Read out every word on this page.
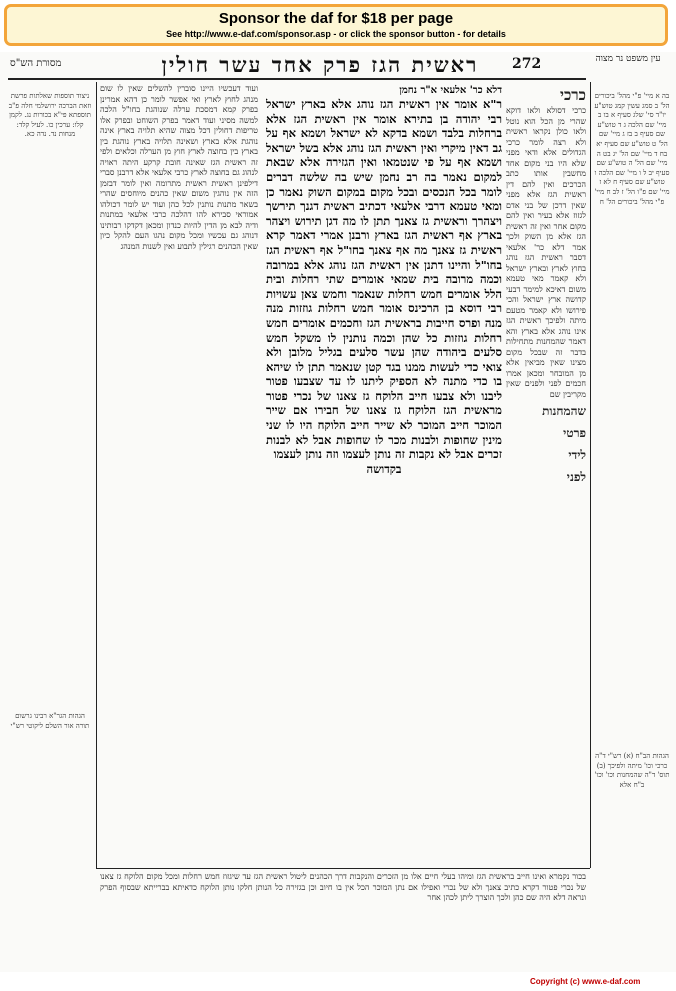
Sponsor the daf for $18 per page
See http://www.e-daf.com/sponsor.asp - or click the sponsor button - for details
מסורת הש"ס	ראשית הגז פרק אחד עשר חולין	272	עין משפט נר מצוה
ניצוד תוספות שאלתות פרשת וזאת הברכה ירושלמי חלה פ"ב תוספתא פי"א בכורות נג. לקמן קלו: ערכין כו. לעיל קלד: מנחות נד. נדה כא.
הגהות הגר"א רבינו גרשום תורה אור השלם ליקוטי רש"י
ועוד דעכשיו היינו סוברין להשלים שאין לו שום מנהג לחוץ לארץ ואי אפשר לומר כן דהא אמרינן בפרק קמא דמסכת ערלה שנוהגת בחו"ל הלכה למשה מסיני ועוד דאמר בפרק השוחט ובפרק אלו טריפות דחולין דכל מצוה שהיא תלויה בארץ אינה נוהגת אלא בארץ ושאינה תלויה בארץ נוהגת בין בארץ בין בחוצה לארץ חוץ מן הערלה וכלאים ולפי זה ראשית הגז שאינה חובת קרקע היתה ראויה לנהוג גם בחוצה לארץ כרבי אלעאי אלא דרבנן סברי דילפינן ראשית ראשית מתרומה ואין לומר דבזמן הזה אין נוהגין משום שאין כהנים מיוחסים שהרי בשאר מתנות נותנין לכל כהן ועוד יש לומר דכולהו אמוראי סבירא להו דהלכה כרבי אלעאי במתנות ודיה לבא מן הדין להיות כנדון ומכאן דקדקו רבותינו דנוהג גם עכשיו ומכל מקום נהגו העם להקל כיון שאין הכהנים רגילין לתבוע ואין לשנות המנהג
דלא כר' אלעאי א"ר נחמן
ר"א אומר אין ראשית הגז נוהג אלא בארץ ישראל רבי יהודה בן בתירא אומר אין ראשית הגז אלא ברחלות בלבד ושמא בדקא לא ישראל ושמא אף על גב דאין מיקרי ואין ראשית הגז נוהג אלא בשל ישראל ושמא אף על פי שנטמאו ואין הגזירה אלא שבאת למקום נאמר בה רב נחמן שיש בה שלשה דברים לומר בכל הנכסים ובכל מקום במקום השוק נאמר כן ומאי טעמא דרבי אלעאי דכתיב ראשית דגנך תירשך ויצהרך וראשית גז צאנך תתן לו מה דגן תירוש ויצהר בארץ אף ראשית הגז בארץ ורבנן אמרי דאמר קרא ראשית גז צאנך מה אף צאנך בחו"ל אף ראשית הגז בחו"ל והיינו דתנן אין ראשית הגז נוהג אלא במרובה וכמה מרובה בית שמאי אומרים שתי רחלות ובית הלל אומרים חמש רחלות שנאמר וחמש צאן עשויות רבי דוסא בן הרכינס אומר חמש רחלות גוזזות מנה מנה ופרס חייבות בראשית הגז וחכמים אומרים חמש רחלות גוזזות כל שהן וכמה נותנין לו משקל חמש סלעים ביהודה שהן עשר סלעים בגליל מלובן ולא צואי כדי לעשות ממנו בגד קטן שנאמר תתן לו שיהא בו כדי מתנה לא הספיק ליתנו לו עד שצבעו פטור ליבנו ולא צבעו חייב הלוקח גז צאנו של נכרי פטור מראשית הגז הלוקח גז צאנו של חבירו אם שייר המוכר חייב המוכר לא שייר חייב הלוקח היו לו שני מינין שחופות ולבנות מכר לו שחופות אבל לא לבנות זכרים אבל לא נקבות זה נותן לעצמו וזה נותן לעצמו
בקדושה
כרכי
כרכי דסולא ולאו דוקא שהרי מן הכל הוא נוטל ולאו כולן נקראו ראשית ולא רצה לומר כרכי הגדולים אלא ודאי מפני שלא היו בני מקום אחד מחשבין אותו כתב הכרכים ואין להם דין ראשית הגז אלא מפני שאין דרכן של בני אדם לגזוז אלא בעיר ואין להם מקום אחר ואין זה ראשית הגז אלא מן השוק ולכך אמר דלא כר' אלעאי דסבר ראשית הגז נוהג בחוץ לארץ ובארץ ישראל ולא קאמר מאי טעמא משום דאיכא למימר דבעי קדושה ארץ ישראל והכי פירושו ולא קאמר מטעם מיתה ולפיכך ראשית הגז אינו נוהג אלא בארץ והא דאמר שהמחנות מתחילות בדבר זה שבכל מקום מצינו שאין מביאין אלא מן המובחר ומכאן אמרו חכמים לפני ולפנים שאין מקריבין שם
שהמחנות
פרטי
לידי
לפני
בה א מיי' פ"י מהל' ביכורים הל' ב סמג עשין קמג טוש"ע יו"ד סי' שלג סעיף א בו ב מיי' שם הלכה ג ד טוש"ע שם סעיף ב בז ג מיי' שם הל' ט טוש"ע שם סעיף יא בח ד מיי' שם הל' יג בט ה מיי' שם הל' ה טוש"ע שם סעיף יב ל ו מיי' שם הלכה ו טוש"ע שם סעיף ח לא ז מיי' שם פ"ו הל' ז לב ח מיי' פ"י מהל' ביכורים הל' ח
הגהות הב"ח (א) רש"י ד"ה כרכי וכו' מיתה ולפיכך (ב) תוס' ד"ה שהמחנות וכו' וכו' ב"ח אלא
בכור נקמרא ואינו חייב בראשית הגז ומיהו בעלי חיים אלו מן הזכרים והנקבות דרך הכהנים ליטול ראשית הגז עד שיגזוז חמש רחלות ומכל מקום הלוקח גז צאנו של נכרי פטור דקרא כתיב צאנך ולא של נכרי ואפילו אם נתן המוכר הכל אין בו חיוב וכן בגזירה כל הנותן חלקו נותן הלוקח כדאיתא בברייתא שבסוף הפרק ונראה דלא היה שם כהן ולכך הוצרך ליתן לכהן אחר
Copyright (c) www.e-daf.com
